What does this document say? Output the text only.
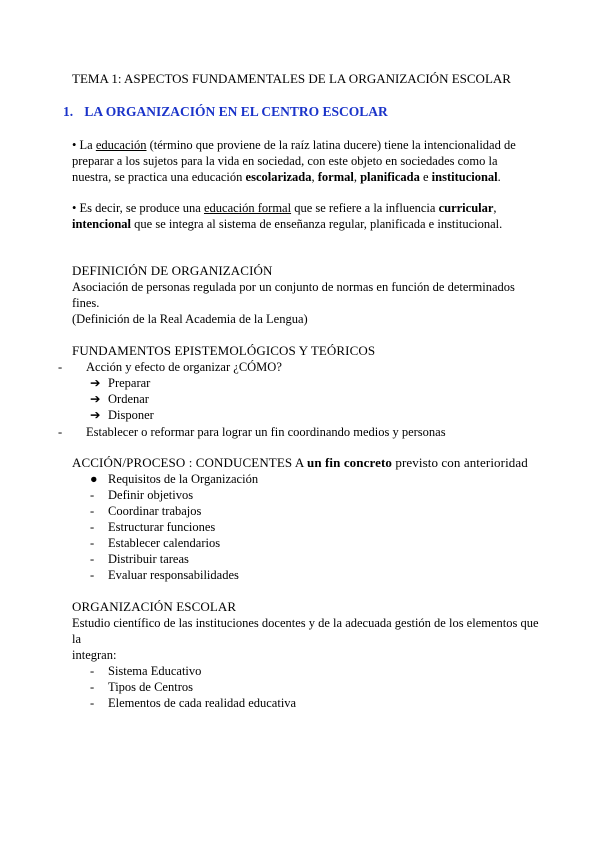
TEMA 1: ASPECTOS FUNDAMENTALES DE LA ORGANIZACIÓN ESCOLAR
1. LA ORGANIZACIÓN EN EL CENTRO ESCOLAR
• La educación (término que proviene de la raíz latina ducere) tiene la intencionalidad de preparar a los sujetos para la vida en sociedad, con este objeto en sociedades como la nuestra, se practica una educación escolarizada, formal, planificada e institucional.
• Es decir, se produce una educación formal que se refiere a la influencia curricular, intencional que se integra al sistema de enseñanza regular, planificada e institucional.
DEFINICIÓN DE ORGANIZACIÓN
Asociación de personas regulada por un conjunto de normas en función de determinados
fines.
(Definición de la Real Academia de la Lengua)
FUNDAMENTOS EPISTEMOLÓGICOS Y TEÓRICOS
- Acción y efecto de organizar ¿CÓMO?
➔ Preparar
➔ Ordenar
➔ Disponer
- Establecer o reformar para lograr un fin coordinando medios y personas
ACCIÓN/PROCESO : CONDUCENTES A un fin concreto previsto con anterioridad
● Requisitos de la Organización
- Definir objetivos
- Coordinar trabajos
- Estructurar funciones
- Establecer calendarios
- Distribuir tareas
- Evaluar responsabilidades
ORGANIZACIÓN ESCOLAR
Estudio científico de las instituciones docentes y de la adecuada gestión de los elementos que
la
integran:
- Sistema Educativo
- Tipos de Centros
- Elementos de cada realidad educativa
